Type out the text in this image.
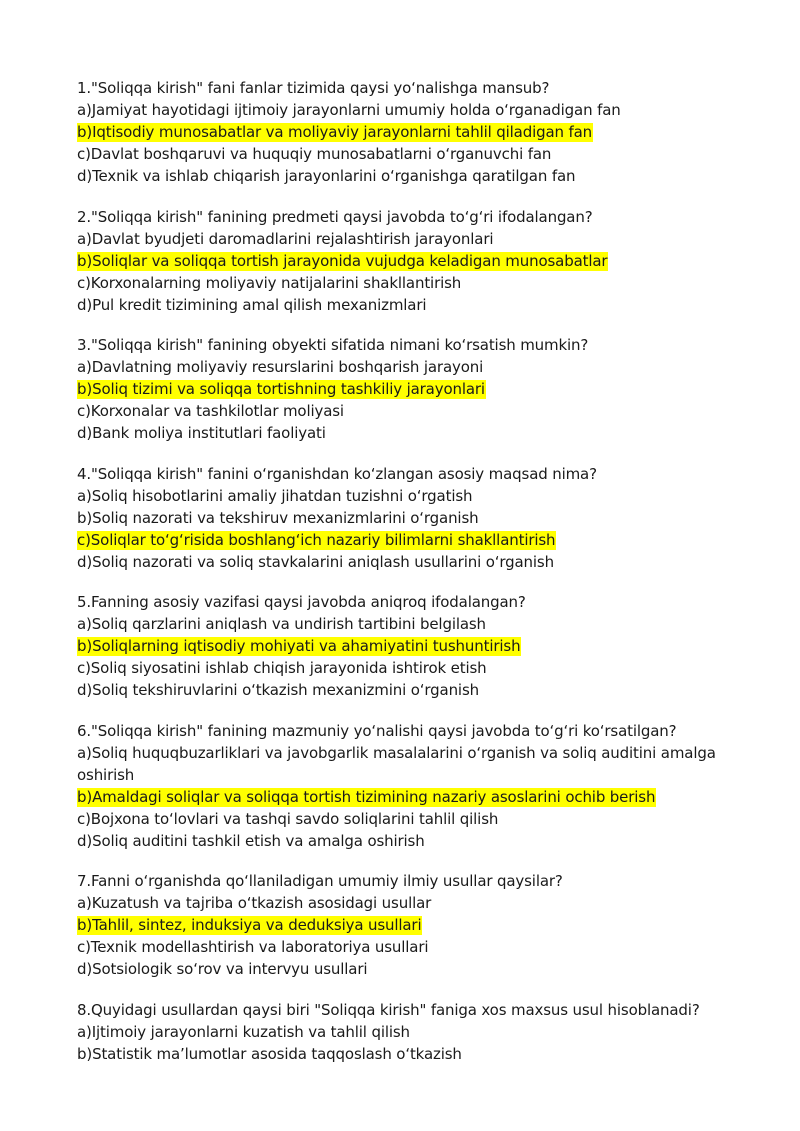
1."Soliqqa kirish" fani fanlar tizimida qaysi yo‘nalishga mansub?
a)Jamiyat hayotidagi ijtimoiy jarayonlarni umumiy holda o‘rganadigan fan
b)Iqtisodiy munosabatlar va moliyaviy jarayonlarni tahlil qiladigan fan
c)Davlat boshqaruvi va huquqiy munosabatlarni o‘rganuvchi fan
d)Texnik va ishlab chiqarish jarayonlarini o‘rganishga qaratilgan fan
2."Soliqqa kirish" fanining predmeti qaysi javobda to‘g‘ri ifodalangan?
a)Davlat byudjeti daromadlarini rejalashtirish jarayonlari
b)Soliqlar va soliqqa tortish jarayonida vujudga keladigan munosabatlar
c)Korxonalarning moliyaviy natijalarini shakllantirish
d)Pul kredit tizimining amal qilish mexanizmlari
3."Soliqqa kirish" fanining obyekti sifatida nimani ko‘rsatish mumkin?
a)Davlatning moliyaviy resurslarini boshqarish jarayoni
b)Soliq tizimi va soliqqa tortishning tashkiliy jarayonlari
c)Korxonalar va tashkilotlar moliyasi
d)Bank moliya institutlari faoliyati
4."Soliqqa kirish" fanini o‘rganishdan ko‘zlangan asosiy maqsad nima?
a)Soliq hisobotlarini amaliy jihatdan tuzishni o‘rgatish
b)Soliq nazorati va tekshiruv mexanizmlarini o‘rganish
c)Soliqlar to‘g‘risida boshlang‘ich nazariy bilimlarni shakllantirish
d)Soliq nazorati va soliq stavkalarini aniqlash usullarini o‘rganish
5.Fanning asosiy vazifasi qaysi javobda aniqroq ifodalangan?
a)Soliq qarzlarini aniqlash va undirish tartibini belgilash
b)Soliqlarning iqtisodiy mohiyati va ahamiyatini tushuntirish
c)Soliq siyosatini ishlab chiqish jarayonida ishtirok etish
d)Soliq tekshiruvlarini o‘tkazish mexanizmini o‘rganish
6."Soliqqa kirish" fanining mazmuniy yo‘nalishi qaysi javobda to‘g‘ri ko‘rsatilgan?
a)Soliq huquqbuzarliklari va javobgarlik masalalarini o‘rganish va soliq auditini amalga oshirish
b)Amaldagi soliqlar va soliqqa tortish tizimining nazariy asoslarini ochib berish
c)Bojxona to‘lovlari va tashqi savdo soliqlarini tahlil qilish
d)Soliq auditini tashkil etish va amalga oshirish
7.Fanni o‘rganishda qo‘llaniladigan umumiy ilmiy usullar qaysilar?
a)Kuzatush va tajriba o‘tkazish asosidagi usullar
b)Tahlil, sintez, induksiya va deduksiya usullari
c)Texnik modellashtirish va laboratoriya usullari
d)Sotsiologik so‘rov va intervyu usullari
8.Quyidagi usullardan qaysi biri "Soliqqa kirish" faniga xos maxsus usul hisoblanadi?
a)Ijtimoiy jarayonlarni kuzatish va tahlil qilish
b)Statistik ma’lumotlar asosida taqqoslash o‘tkazish
